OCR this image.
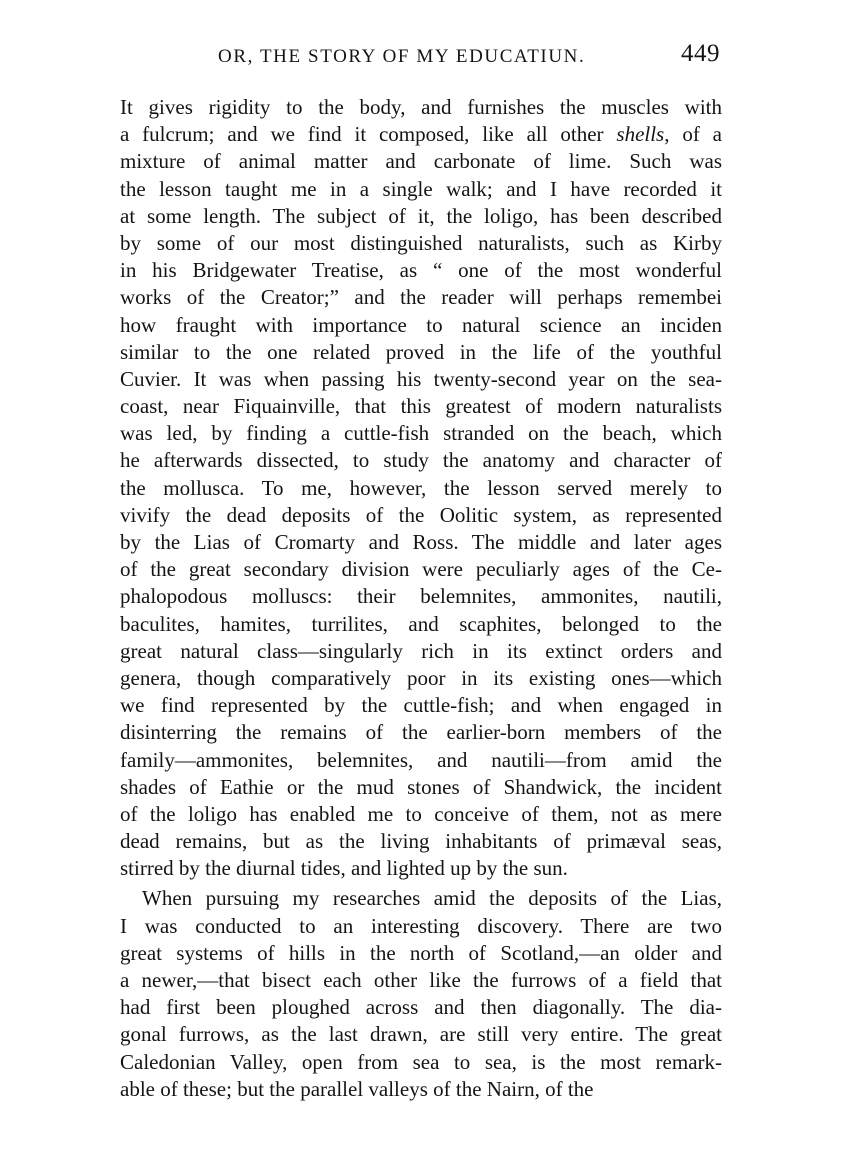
OR, THE STORY OF MY EDUCATIUN.	449
It gives rigidity to the body, and furnishes the muscles with
a fulcrum; and we find it composed, like all other shells, of a
mixture of animal matter and carbonate of lime. Such was
the lesson taught me in a single walk; and I have recorded it
at some length. The subject of it, the loligo, has been described
by some of our most distinguished naturalists, such as Kirby
in his Bridgewater Treatise, as “ one of the most wonderful
works of the Creator;” and the reader will perhaps remembei
how fraught with importance to natural science an inciden
similar to the one related proved in the life of the youthful
Cuvier. It was when passing his twenty-second year on the sea-
coast, near Fiquainville, that this greatest of modern naturalists
was led, by finding a cuttle-fish stranded on the beach, which
he afterwards dissected, to study the anatomy and character of
the mollusca. To me, however, the lesson served merely to
vivify the dead deposits of the Oolitic system, as represented
by the Lias of Cromarty and Ross. The middle and later ages
of the great secondary division were peculiarly ages of the Ce-
phalopodous molluscs: their belemnites, ammonites, nautili,
baculites, hamites, turrilites, and scaphites, belonged to the
great natural class—singularly rich in its extinct orders and
genera, though comparatively poor in its existing ones—which
we find represented by the cuttle-fish; and when engaged in
disinterring the remains of the earlier-born members of the
family—ammonites, belemnites, and nautili—from amid the
shades of Eathie or the mud stones of Shandwick, the incident
of the loligo has enabled me to conceive of them, not as mere
dead remains, but as the living inhabitants of primæval seas,
stirred by the diurnal tides, and lighted up by the sun.
When pursuing my researches amid the deposits of the Lias,
I was conducted to an interesting discovery. There are two
great systems of hills in the north of Scotland,—an older and
a newer,—that bisect each other like the furrows of a field that
had first been ploughed across and then diagonally. The dia-
gonal furrows, as the last drawn, are still very entire. The great
Caledonian Valley, open from sea to sea, is the most remark-
able of these; but the parallel valleys of the Nairn, of the
